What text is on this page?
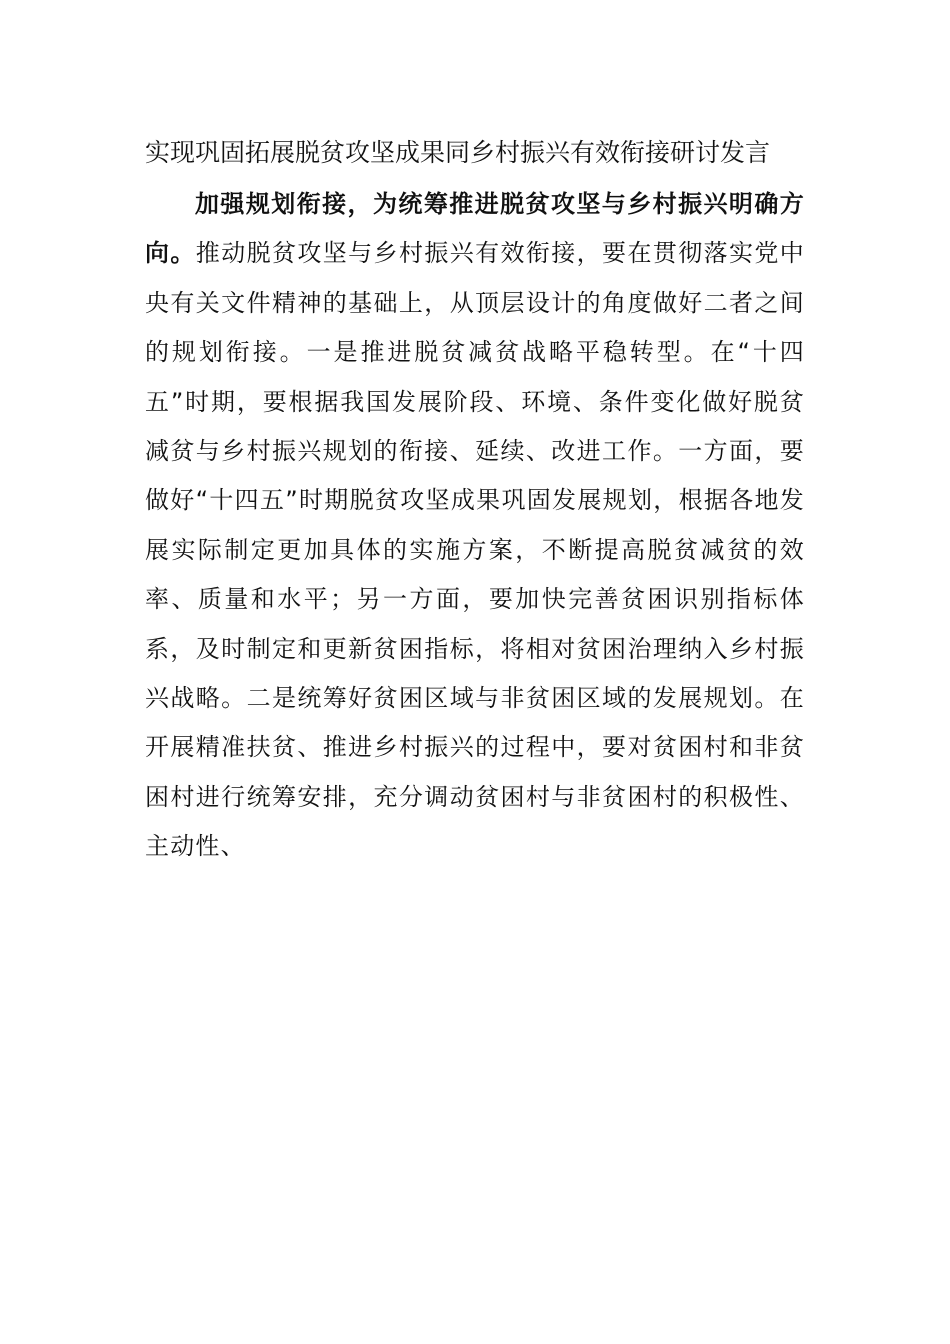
实现巩固拓展脱贫攻坚成果同乡村振兴有效衔接研讨发言

加强规划衔接，为统筹推进脱贫攻坚与乡村振兴明确方向。推动脱贫攻坚与乡村振兴有效衔接，要在贯彻落实党中央有关文件精神的基础上，从顶层设计的角度做好二者之间的规划衔接。一是推进脱贫减贫战略平稳转型。在“十四五”时期，要根据我国发展阶段、环境、条件变化做好脱贫减贫与乡村振兴规划的衔接、延续、改进工作。一方面，要做好“十四五”时期脱贫攻坚成果巩固发展规划，根据各地发展实际制定更加具体的实施方案，不断提高脱贫减贫的效率、质量和水平；另一方面，要加快完善贫困识别指标体系，及时制定和更新贫困指标，将相对贫困治理纳入乡村振兴战略。二是统筹好贫困区域与非贫困区域的发展规划。在开展精准扶贫、推进乡村振兴的过程中，要对贫困村和非贫困村进行统筹安排，充分调动贫困村与非贫困村的积极性、主动性、
